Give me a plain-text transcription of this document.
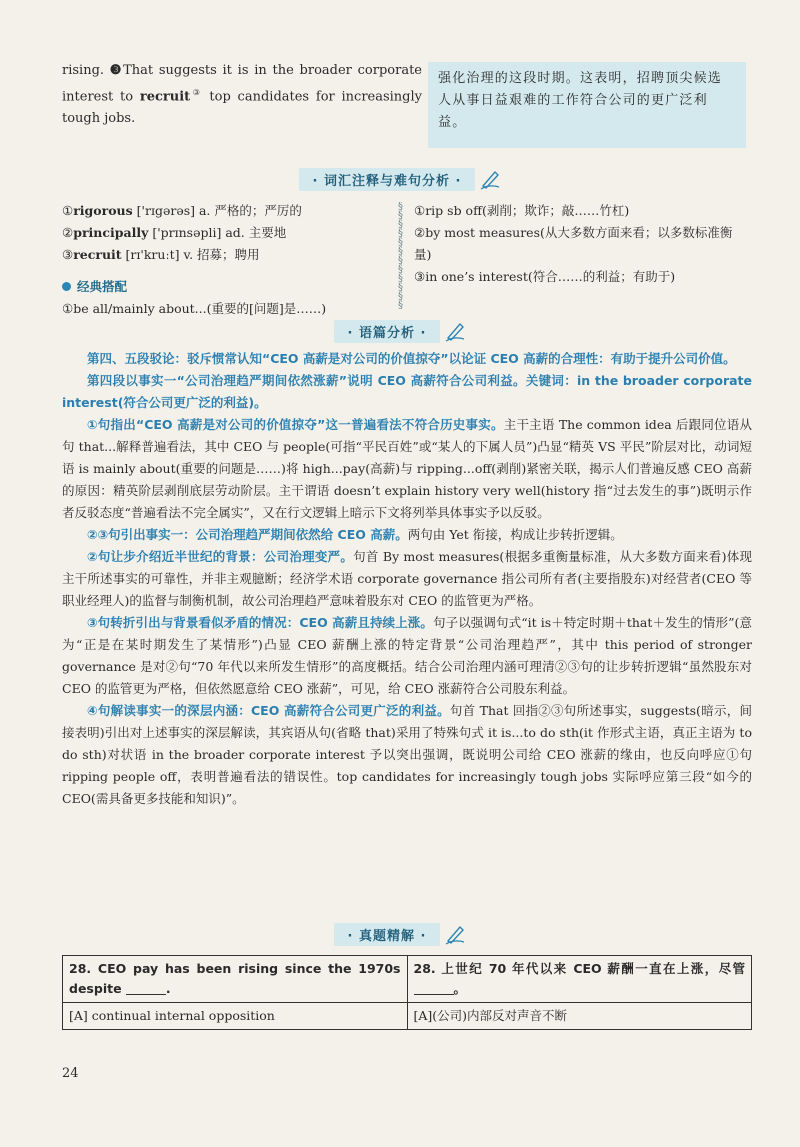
rising. ❸That suggests it is in the broader corporate interest to recruit③ top candidates for increasingly tough jobs.
强化治理的这段时期。这表明，招聘顶尖候选人从事日益艰难的工作符合公司的更广泛利益。
· 词汇注释与难句分析 ·
①rigorous ['rɪgərəs] a. 严格的；严厉的
②principally ['prɪnsəpli] ad. 主要地
③recruit [rɪ'kruːt] v. 招募；聘用
经典搭配
①be all/mainly about...(重要的[问题]是……)
§
§
§
§
§
§
§
§
§
§
§
§
①rip sb off(剥削；欺诈；敲……竹杠)
②by most measures(从大多数方面来看；以多数标准衡量)
③in one’s interest(符合……的利益；有助于)
· 语篇分析 ·

第四、五段驳论：驳斥惯常认知“CEO 高薪是对公司的价值掠夺”以论证 CEO 高薪的合理性：有助于提升公司价值。

第四段以事实一“公司治理趋严期间依然涨薪”说明 CEO 高薪符合公司利益。关键词：in the broader corporate interest(符合公司更广泛的利益)。

①句指出“CEO 高薪是对公司的价值掠夺”这一普遍看法不符合历史事实。主干主语 The common idea 后跟同位语从句 that...解释普遍看法，其中 CEO 与 people(可指“平民百姓”或“某人的下属人员”)凸显“精英 VS 平民”阶层对比，动词短语 is mainly about(重要的问题是……)将 high...pay(高薪)与 ripping...off(剥削)紧密关联，揭示人们普遍反感 CEO 高薪的原因：精英阶层剥削底层劳动阶层。主干谓语 doesn’t explain history very well(history 指“过去发生的事”)既明示作者反驳态度“普遍看法不完全属实”，又在行文逻辑上暗示下文将列举具体事实予以反驳。

②③句引出事实一：公司治理趋严期间依然给 CEO 高薪。两句由 Yet 衔接，构成让步转折逻辑。

②句让步介绍近半世纪的背景：公司治理变严。句首 By most measures(根据多重衡量标准，从大多数方面来看)体现主干所述事实的可靠性，并非主观臆断；经济学术语 corporate governance 指公司所有者(主要指股东)对经营者(CEO 等职业经理人)的监督与制衡机制，故公司治理趋严意味着股东对 CEO 的监管更为严格。

③句转折引出与背景看似矛盾的情况：CEO 高薪且持续上涨。句子以强调句式“it is＋特定时期＋that＋发生的情形”(意为“正是在某时期发生了某情形”)凸显 CEO 薪酬上涨的特定背景“公司治理趋严”，其中 this period of stronger governance 是对②句“70 年代以来所发生情形”的高度概括。结合公司治理内涵可理清②③句的让步转折逻辑“虽然股东对 CEO 的监管更为严格，但依然愿意给 CEO 涨薪”，可见，给 CEO 涨薪符合公司股东利益。

④句解读事实一的深层内涵：CEO 高薪符合公司更广泛的利益。句首 That 回指②③句所述事实，suggests(暗示，间接表明)引出对上述事实的深层解读，其宾语从句(省略 that)采用了特殊句式 it is...to do sth(it 作形式主语，真正主语为 to do sth)对状语 in the broader corporate interest 予以突出强调，既说明公司给 CEO 涨薪的缘由，也反向呼应①句 ripping people off，表明普遍看法的错误性。top candidates for increasingly tough jobs 实际呼应第三段“如今的 CEO(需具备更多技能和知识)”。

· 真题精解 ·
28. CEO pay has been rising since the 1970s despite .	28. 上世纪 70 年代以来 CEO 薪酬一直在上涨，尽管。
[A] continual internal opposition	[A](公司)内部反对声音不断
24
